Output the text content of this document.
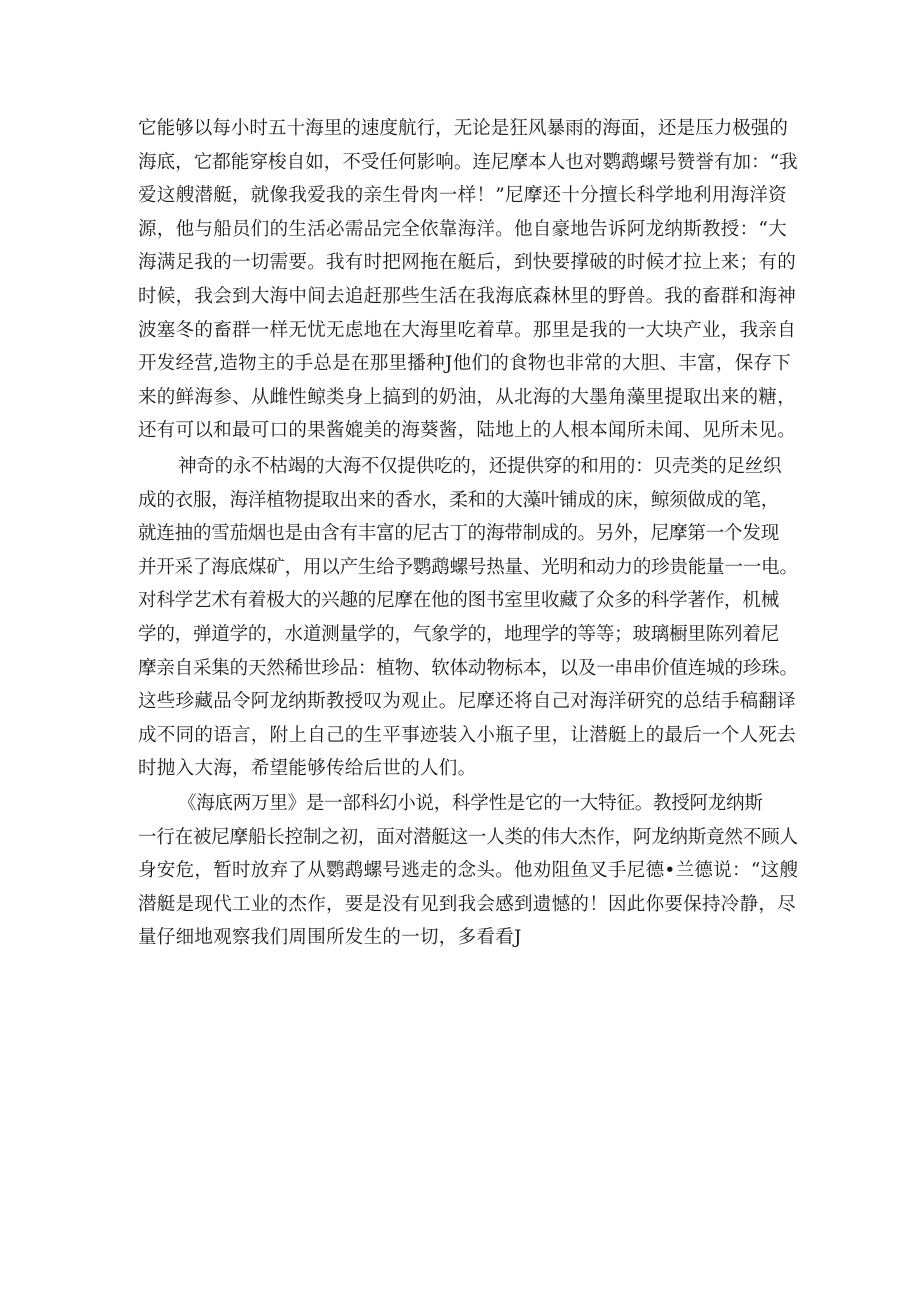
它能够以每小时五十海里的速度航行，无论是狂风暴雨的海面，还是压力极强的
海底，它都能穿梭自如，不受任何影响。连尼摩本人也对鹦鹉螺号赞誉有加：“我
爱这艘潜艇，就像我爱我的亲生骨肉一样！”尼摩还十分擅长科学地利用海洋资
源，他与船员们的生活必需品完全依靠海洋。他自豪地告诉阿龙纳斯教授：“大
海满足我的一切需要。我有时把网拖在艇后，到快要撑破的时候才拉上来；有的
时候，我会到大海中间去追赶那些生活在我海底森林里的野兽。我的畜群和海神
波塞冬的畜群一样无忧无虑地在大海里吃着草。那里是我的一大块产业，我亲自
开发经营,造物主的手总是在那里播种J他们的食物也非常的大胆、丰富，保存下
来的鲜海参、从雌性鲸类身上搞到的奶油，从北海的大墨角藻里提取出来的糖，
还有可以和最可口的果酱媲美的海葵酱，陆地上的人根本闻所未闻、见所未见。

神奇的永不枯竭的大海不仅提供吃的，还提供穿的和用的：贝壳类的足丝织
成的衣服，海洋植物提取出来的香水，柔和的大藻叶铺成的床，鲸须做成的笔，
就连抽的雪茄烟也是由含有丰富的尼古丁的海带制成的。另外，尼摩第一个发现
并开采了海底煤矿，用以产生给予鹦鹉螺号热量、光明和动力的珍贵能量一一电。
对科学艺术有着极大的兴趣的尼摩在他的图书室里收藏了众多的科学著作，机械
学的，弹道学的，水道测量学的，气象学的，地理学的等等；玻璃橱里陈列着尼
摩亲自采集的天然稀世珍品：植物、软体动物标本，以及一串串价值连城的珍珠。
这些珍藏品令阿龙纳斯教授叹为观止。尼摩还将自己对海洋研究的总结手稿翻译
成不同的语言，附上自己的生平事迹装入小瓶子里，让潜艇上的最后一个人死去
时抛入大海，希望能够传给后世的人们。

《海底两万里》是一部科幻小说，科学性是它的一大特征。教授阿龙纳斯
一行在被尼摩船长控制之初，面对潜艇这一人类的伟大杰作，阿龙纳斯竟然不顾人
身安危，暂时放弃了从鹦鹉螺号逃走的念头。他劝阻鱼叉手尼德•兰德说：“这艘
潜艇是现代工业的杰作，要是没有见到我会感到遗憾的！因此你要保持冷静，尽
量仔细地观察我们周围所发生的一切，多看看J
